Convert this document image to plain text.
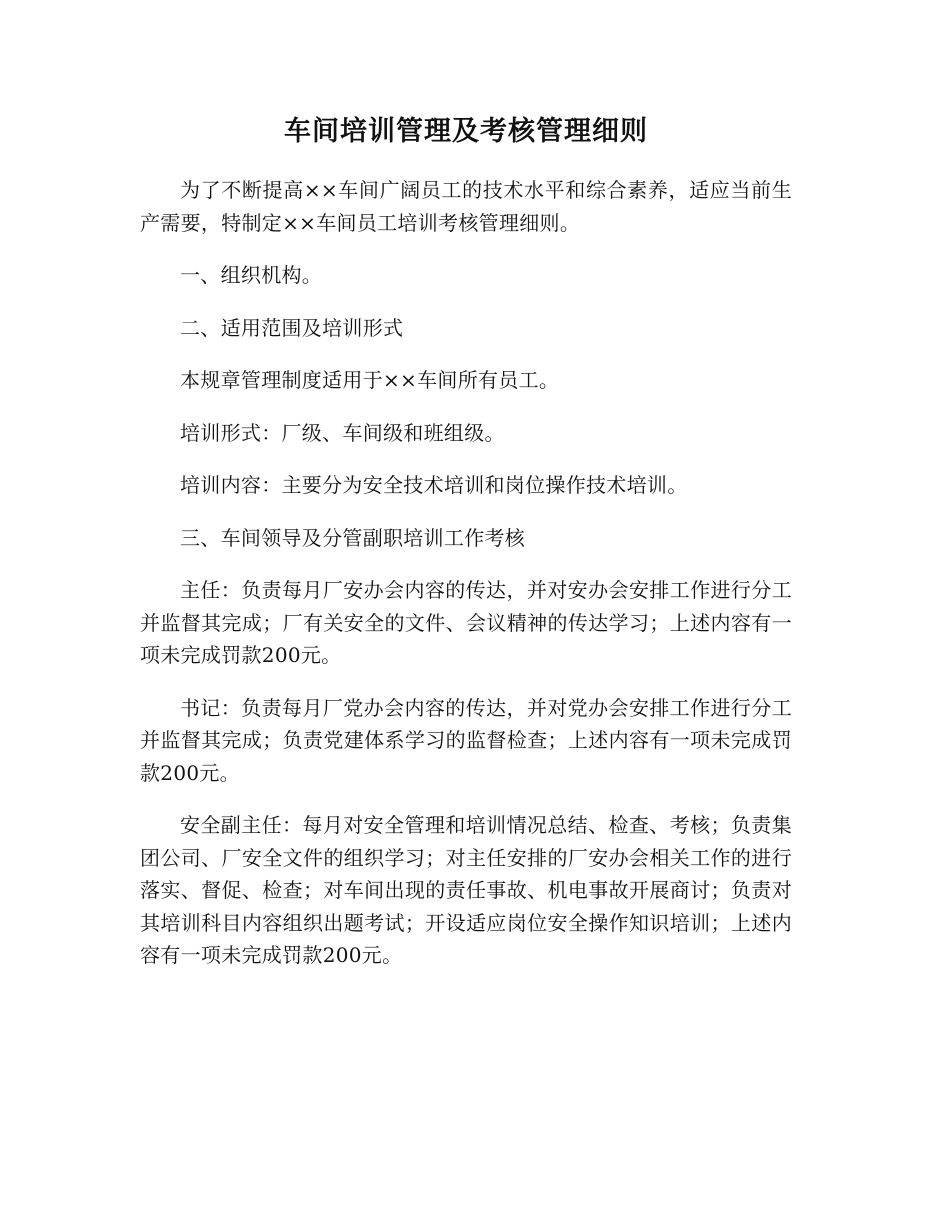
车间培训管理及考核管理细则

为了不断提高××车间广阔员工的技术水平和综合素养，适应当前生产需要，特制定××车间员工培训考核管理细则。

一、组织机构。

二、适用范围及培训形式

本规章管理制度适用于××车间所有员工。

培训形式：厂级、车间级和班组级。

培训内容：主要分为安全技术培训和岗位操作技术培训。

三、车间领导及分管副职培训工作考核

主任：负责每月厂安办会内容的传达，并对安办会安排工作进行分工并监督其完成；厂有关安全的文件、会议精神的传达学习；上述内容有一项未完成罚款200元。

书记：负责每月厂党办会内容的传达，并对党办会安排工作进行分工并监督其完成；负责党建体系学习的监督检查；上述内容有一项未完成罚款200元。

安全副主任：每月对安全管理和培训情况总结、检查、考核；负责集团公司、厂安全文件的组织学习；对主任安排的厂安办会相关工作的进行落实、督促、检查；对车间出现的责任事故、机电事故开展商讨；负责对其培训科目内容组织出题考试；开设适应岗位安全操作知识培训；上述内容有一项未完成罚款200元。
